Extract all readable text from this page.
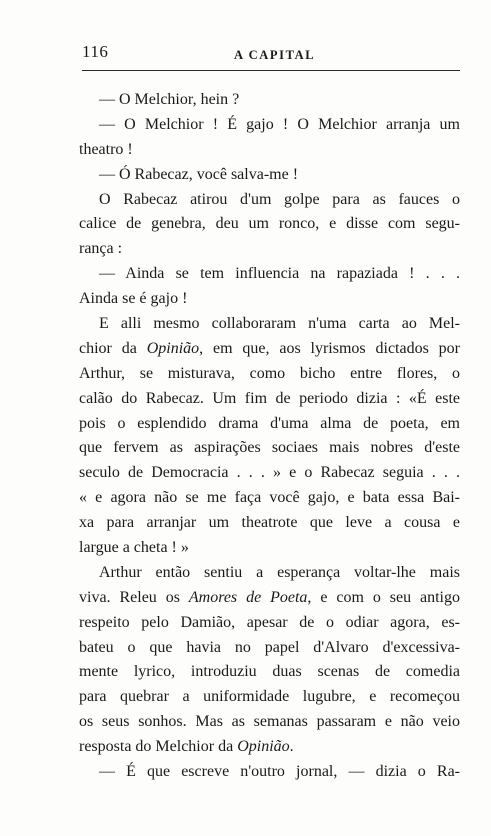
116	A CAPITAL
— O Melchior, hein ?
— O Melchior ! É gajo ! O Melchior arranja um
theatro !
— Ó Rabecaz, você salva-me !
O Rabecaz atirou d'um golpe para as fauces o
calice de genebra, deu um ronco, e disse com segu-
rança :
— Ainda se tem influencia na rapaziada ! . . .
Ainda se é gajo !
E alli mesmo collaboraram n'uma carta ao Mel-
chior da Opinião, em que, aos lyrismos dictados por
Arthur, se misturava, como bicho entre flores, o
calão do Rabecaz. Um fim de periodo dizia : «É este
pois o esplendido drama d'uma alma de poeta, em
que fervem as aspirações sociaes mais nobres d'este
seculo de Democracia . . . » e o Rabecaz seguia . . .
« e agora não se me faça você gajo, e bata essa Bai-
xa para arranjar um theatrote que leve a cousa e
largue a cheta ! »
Arthur então sentiu a esperança voltar-lhe mais
viva. Releu os Amores de Poeta, e com o seu antigo
respeito pelo Damião, apesar de o odiar agora, es-
bateu o que havia no papel d'Alvaro d'excessiva-
mente lyrico, introduziu duas scenas de comedia
para quebrar a uniformidade lugubre, e recomeçou
os seus sonhos. Mas as semanas passaram e não veio
resposta do Melchior da Opinião.
— É que escreve n'outro jornal, — dizia o Ra-
